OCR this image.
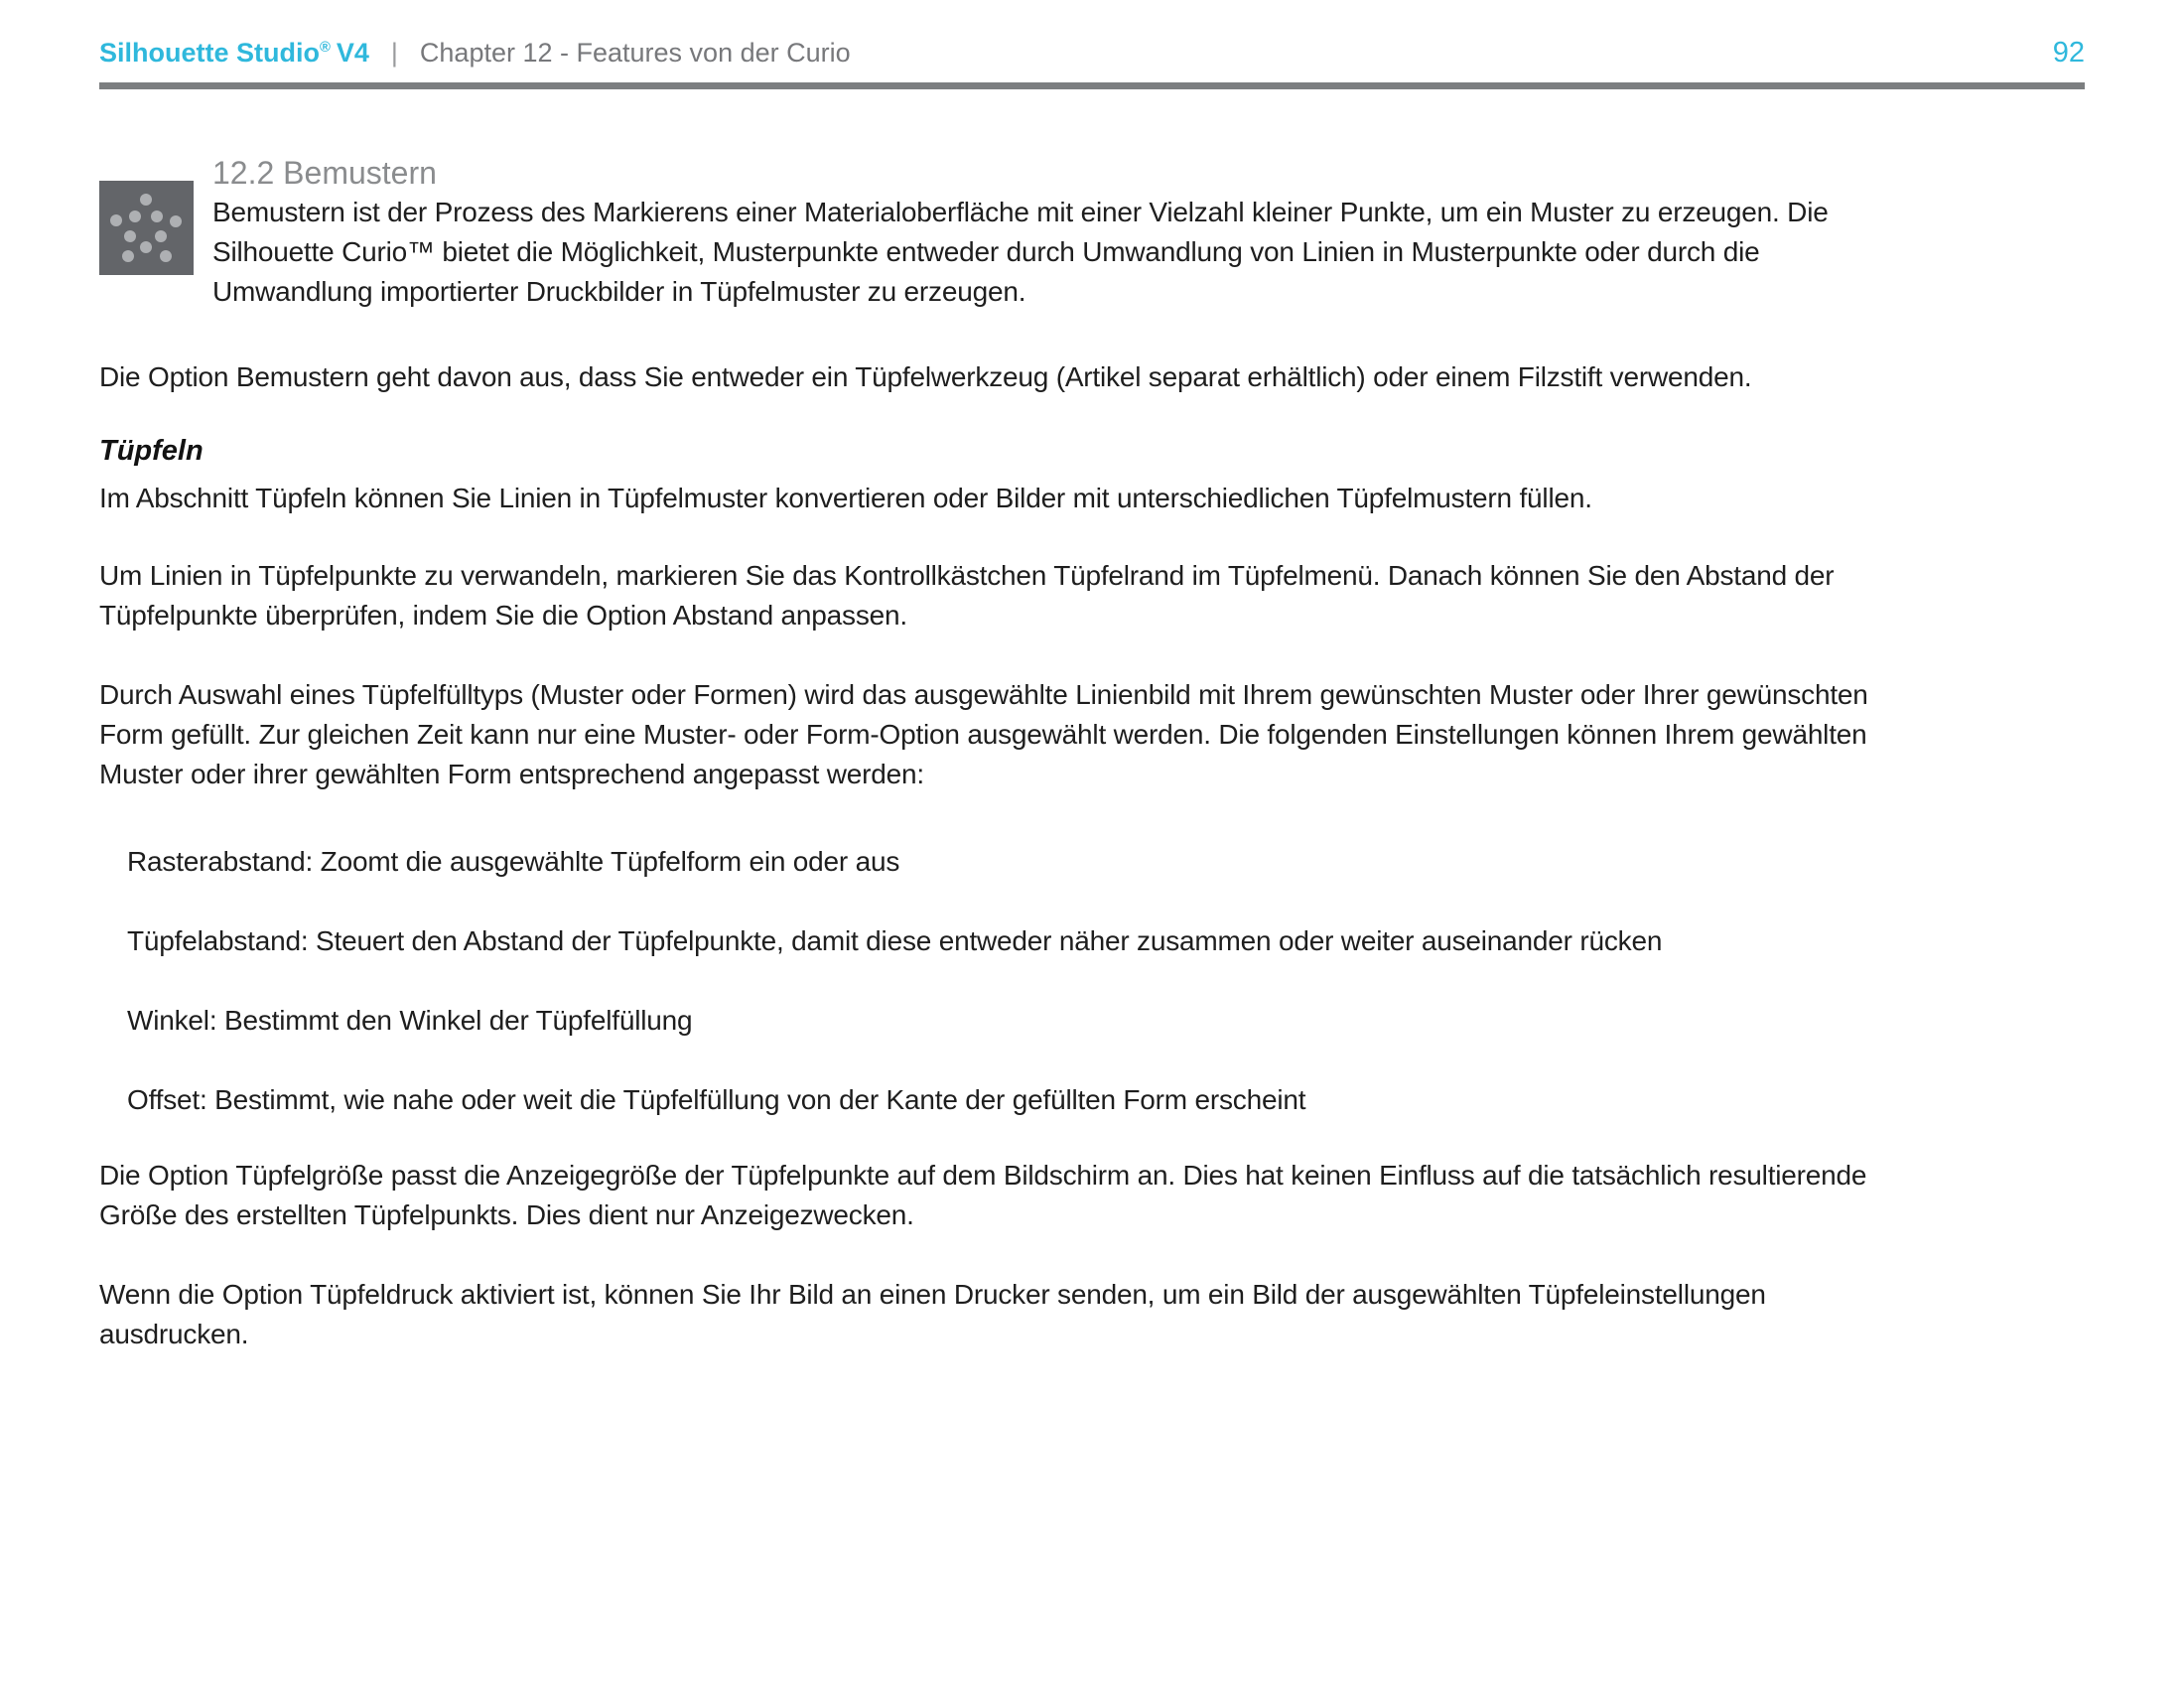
Silhouette Studio® V4 | Chapter 12 - Features von der Curio	92
12.2 Bemustern

Bemustern ist der Prozess des Markierens einer Materialoberfläche mit einer Vielzahl kleiner Punkte, um ein Muster zu erzeugen. Die

Silhouette Curio™ bietet die Möglichkeit, Musterpunkte entweder durch Umwandlung von Linien in Musterpunkte oder durch die

Umwandlung importierter Druckbilder in Tüpfelmuster zu erzeugen.

Die Option Bemustern geht davon aus, dass Sie entweder ein Tüpfelwerkzeug (Artikel separat erhältlich) oder einem Filzstift verwenden.

Tüpfeln

Im Abschnitt Tüpfeln können Sie Linien in Tüpfelmuster konvertieren oder Bilder mit unterschiedlichen Tüpfelmustern füllen.

Um Linien in Tüpfelpunkte zu verwandeln, markieren Sie das Kontrollkästchen Tüpfelrand im Tüpfelmenü. Danach können Sie den Abstand der

Tüpfelpunkte überprüfen, indem Sie die Option Abstand anpassen.

Durch Auswahl eines Tüpfelfülltyps (Muster oder Formen) wird das ausgewählte Linienbild mit Ihrem gewünschten Muster oder Ihrer gewünschten

Form gefüllt. Zur gleichen Zeit kann nur eine Muster- oder Form-Option ausgewählt werden. Die folgenden Einstellungen können Ihrem gewählten

Muster oder ihrer gewählten Form entsprechend angepasst werden:

Rasterabstand: Zoomt die ausgewählte Tüpfelform ein oder aus

Tüpfelabstand: Steuert den Abstand der Tüpfelpunkte, damit diese entweder näher zusammen oder weiter auseinander rücken

Winkel: Bestimmt den Winkel der Tüpfelfüllung

Offset: Bestimmt, wie nahe oder weit die Tüpfelfüllung von der Kante der gefüllten Form erscheint

Die Option Tüpfelgröße passt die Anzeigegröße der Tüpfelpunkte auf dem Bildschirm an. Dies hat keinen Einfluss auf die tatsächlich resultierende

Größe des erstellten Tüpfelpunkts. Dies dient nur Anzeigezwecken.

Wenn die Option Tüpfeldruck aktiviert ist, können Sie Ihr Bild an einen Drucker senden, um ein Bild der ausgewählten Tüpfeleinstellungen

ausdrucken.
